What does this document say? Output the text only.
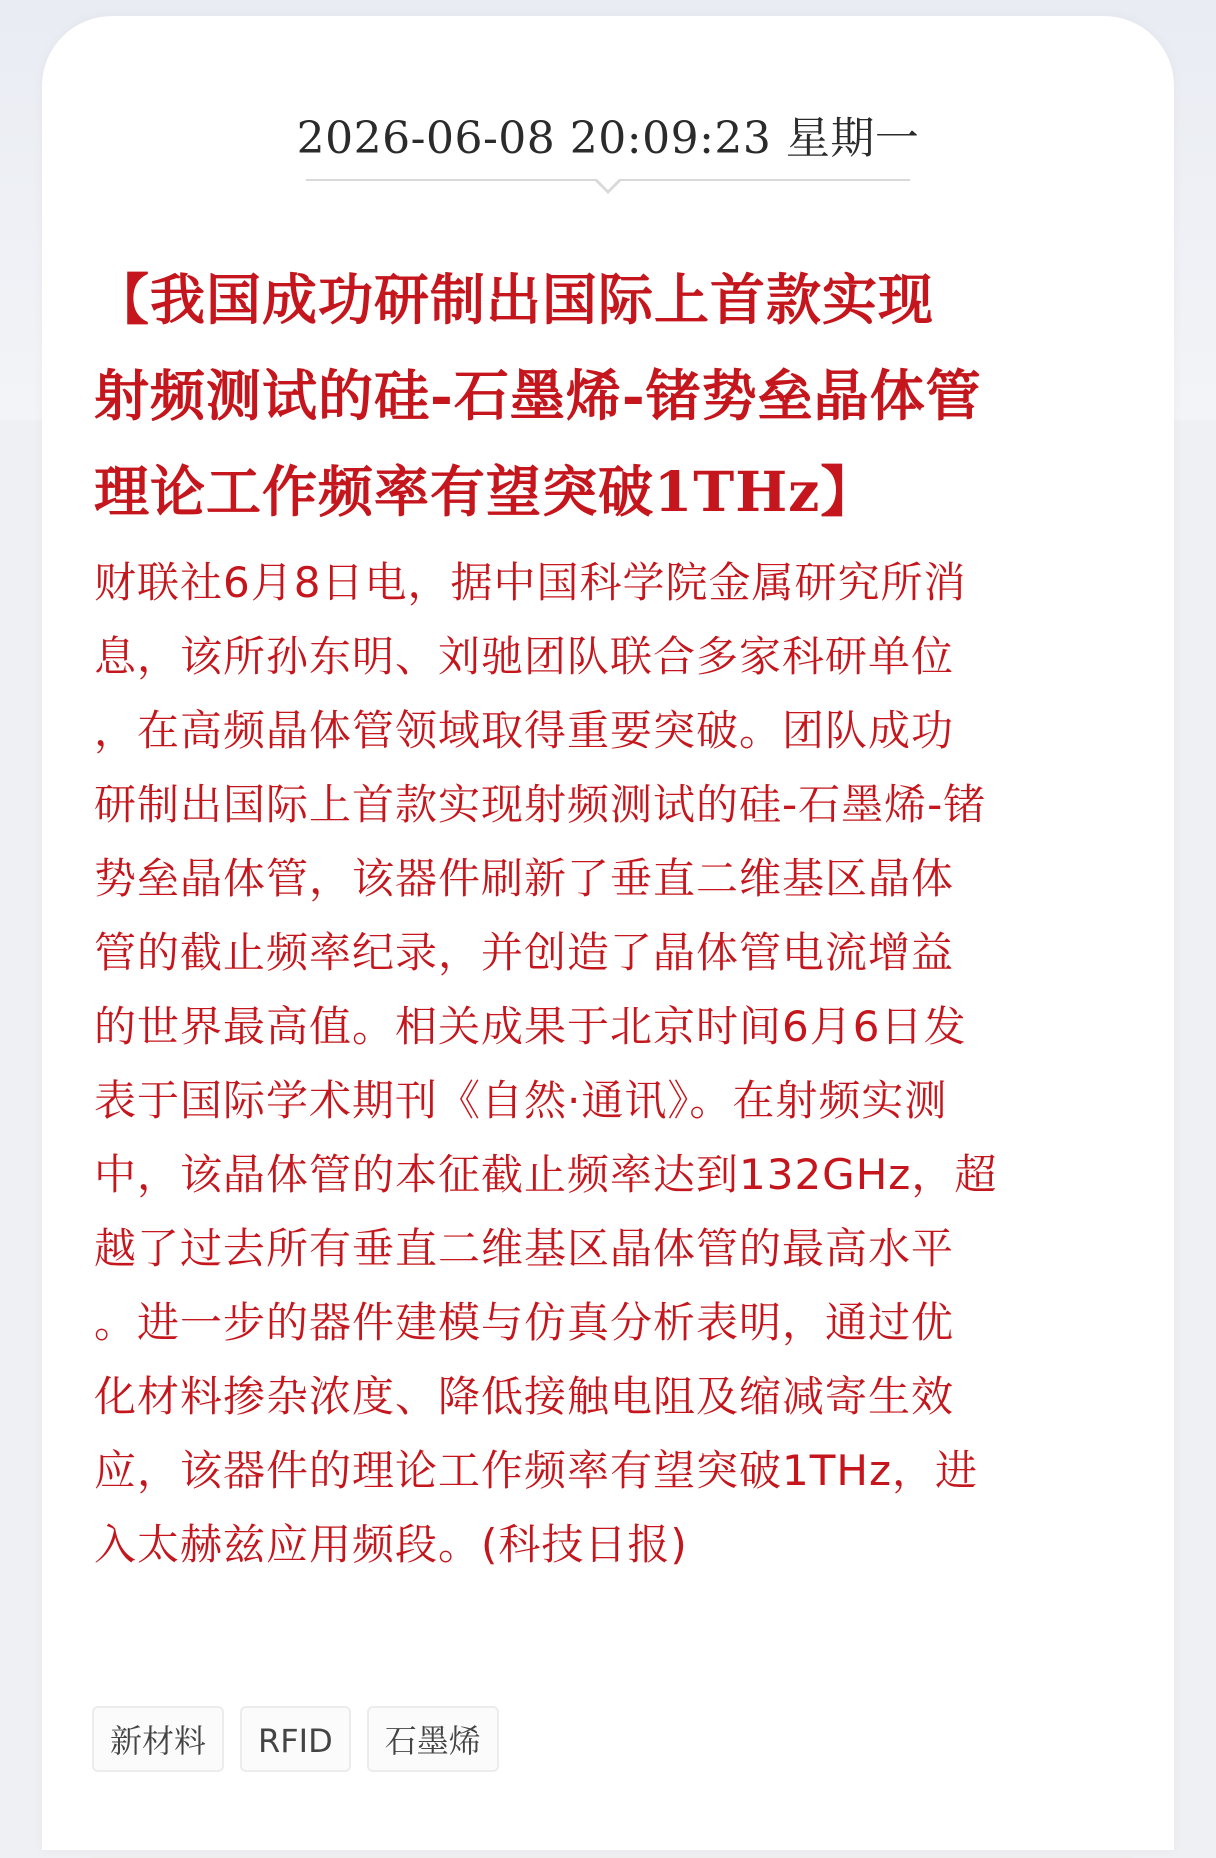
2026-06-08 20:09:23 星期一
【我国成功研制出国际上首款实现
射频测试的硅-石墨烯-锗势垒晶体管
理论工作频率有望突破1THz】
财联社6月8日电，据中国科学院金属研究所消
息，该所孙东明、刘驰团队联合多家科研单位
，在高频晶体管领域取得重要突破。团队成功
研制出国际上首款实现射频测试的硅-石墨烯-锗
势垒晶体管，该器件刷新了垂直二维基区晶体
管的截止频率纪录，并创造了晶体管电流增益
的世界最高值。相关成果于北京时间6月6日发
表于国际学术期刊《自然·通讯》。在射频实测
中，该晶体管的本征截止频率达到132GHz，超
越了过去所有垂直二维基区晶体管的最高水平
。进一步的器件建模与仿真分析表明，通过优
化材料掺杂浓度、降低接触电阻及缩减寄生效
应，该器件的理论工作频率有望突破1THz，进
入太赫兹应用频段。(科技日报)
新材料	RFID	石墨烯
